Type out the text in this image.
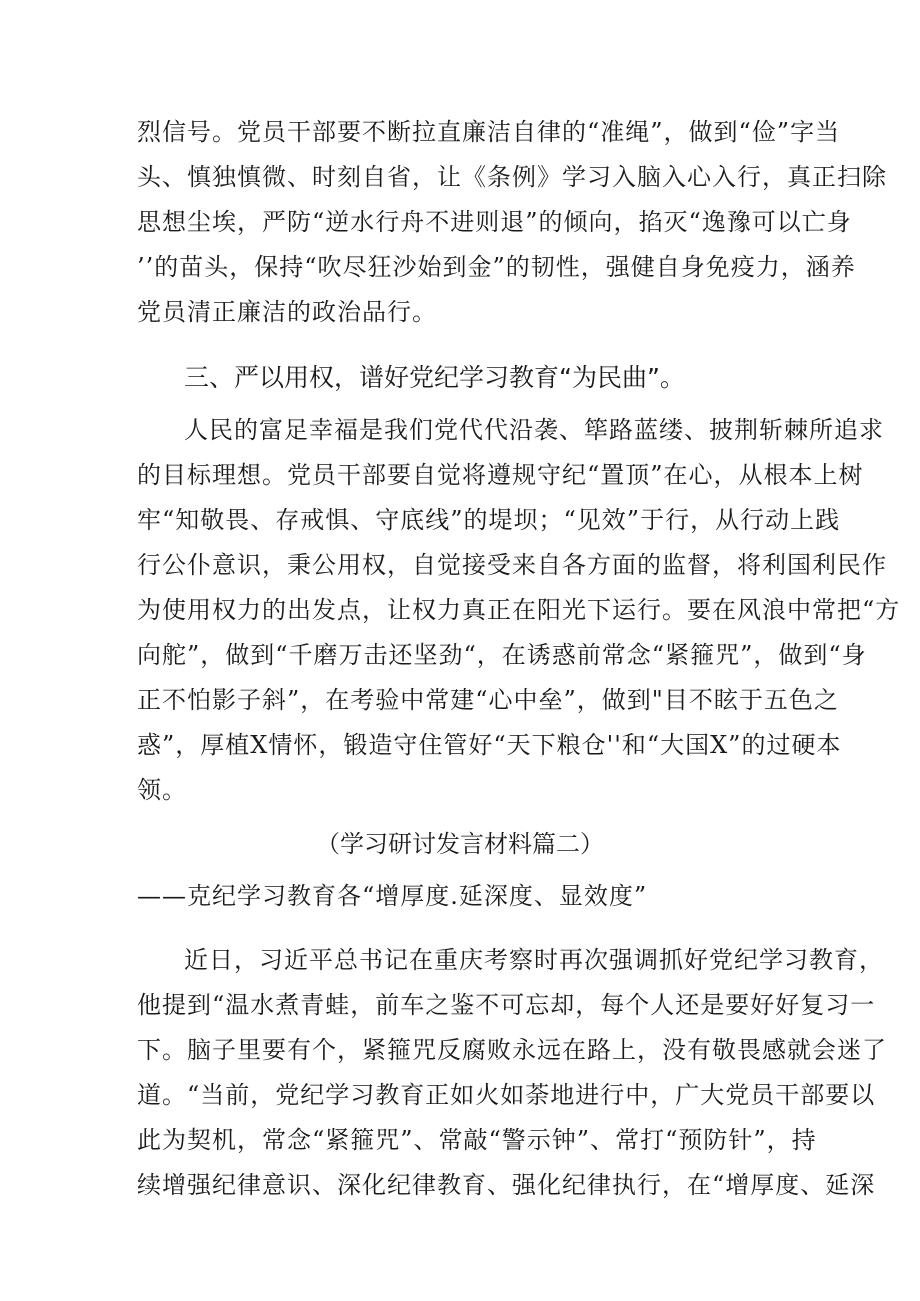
烈信号。党员干部要不断拉直廉洁自律的“准绳”，做到“俭”字当
头、慎独慎微、时刻自省，让《条例》学习入脑入心入行，真正扫除
思想尘埃，严防“逆水行舟不进则退”的倾向，掐灭“逸豫可以亡身
’’的苗头，保持“吹尽狂沙始到金”的韧性，强健自身免疫力，涵养
党员清正廉洁的政治品行。
三、严以用权，谱好党纪学习教育“为民曲”。
人民的富足幸福是我们党代代沿袭、筚路蓝缕、披荆斩棘所追求
的目标理想。党员干部要自觉将遵规守纪“置顶”在心，从根本上树
牢“知敬畏、存戒惧、守底线”的堤坝；“见效”于行，从行动上践
行公仆意识，秉公用权，自觉接受来自各方面的监督，将利国利民作
为使用权力的出发点，让权力真正在阳光下运行。要在风浪中常把“方
向舵”，做到“千磨万击还坚劲“，在诱惑前常念“紧箍咒”，做到“身
正不怕影子斜”，在考验中常建“心中垒”，做到"目不眩于五色之
惑”，厚植X情怀，锻造守住管好“天下粮仓''和“大国X”的过硬本
领。
（学习研讨发言材料篇二）
——克纪学习教育各“增厚度.延深度、显效度”
近日，习近平总书记在重庆考察时再次强调抓好党纪学习教育，
他提到“温水煮青蛙，前车之鉴不可忘却，每个人还是要好好复习一
下。脑子里要有个，紧箍咒反腐败永远在路上，没有敬畏感就会迷了
道。“当前，党纪学习教育正如火如荼地进行中，广大党员干部要以
此为契机，常念“紧箍咒”、常敲“警示钟”、常打“预防针”，持
续增强纪律意识、深化纪律教育、强化纪律执行，在“增厚度、延深
